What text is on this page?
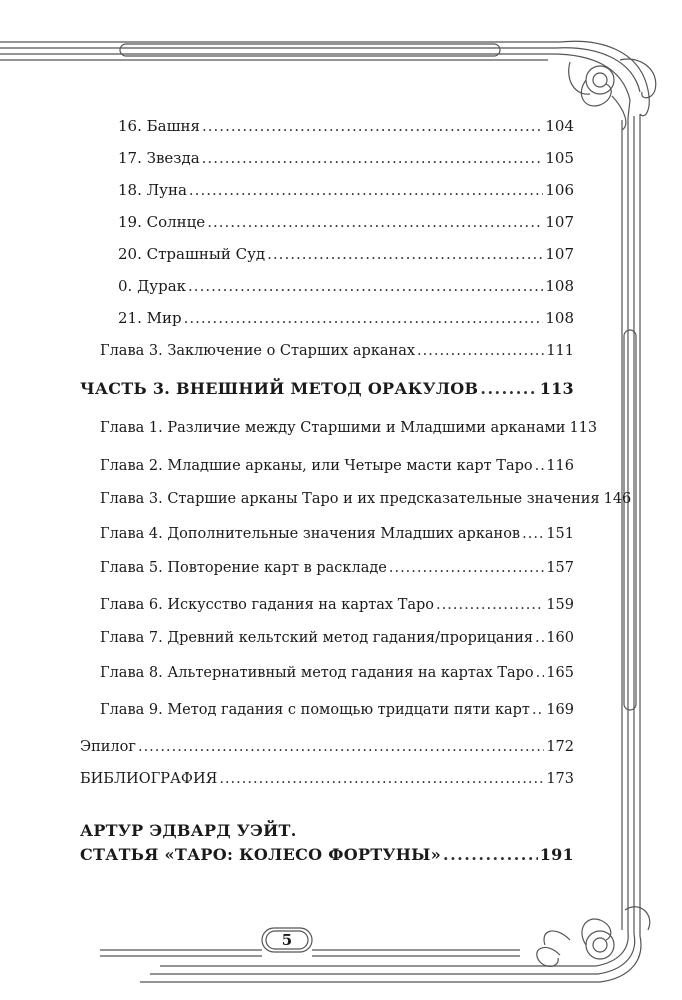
16. Башня .....	104
17. Звезда .....	105
18. Луна .....	106
19. Солнце .....	107
20. Страшный Суд .....	107
0. Дурак .....	108
21. Мир .....	108
Глава 3. Заключение о Старших арканах .....	111
ЧАСТЬ 3. ВНЕШНИЙ МЕТОД ОРАКУЛОВ .....	113
Глава 1. Различие между Старшими и Младшими арканами 113
Глава 2. Младшие арканы, или Четыре масти карт Таро ..... 116
Глава 3. Старшие арканы Таро и их предсказательные значения 146
Глава 4. Дополнительные значения Младших арканов ..... 151
Глава 5. Повторение карт в раскладе .....	157
Глава 6. Искусство гадания на картах Таро .....	159
Глава 7. Древний кельтский метод гадания/прорицания ..... 160
Глава 8. Альтернативный метод гадания на картах Таро ..... 165
Глава 9. Метод гадания с помощью тридцати пяти карт ..... 169
Эпилог .....	172
БИБЛИОГРАФИЯ .....	173
АРТУР ЭДВАРД УЭЙТ.
СТАТЬЯ «ТАРО: КОЛЕСО ФОРТУНЫ» .....	191
5
